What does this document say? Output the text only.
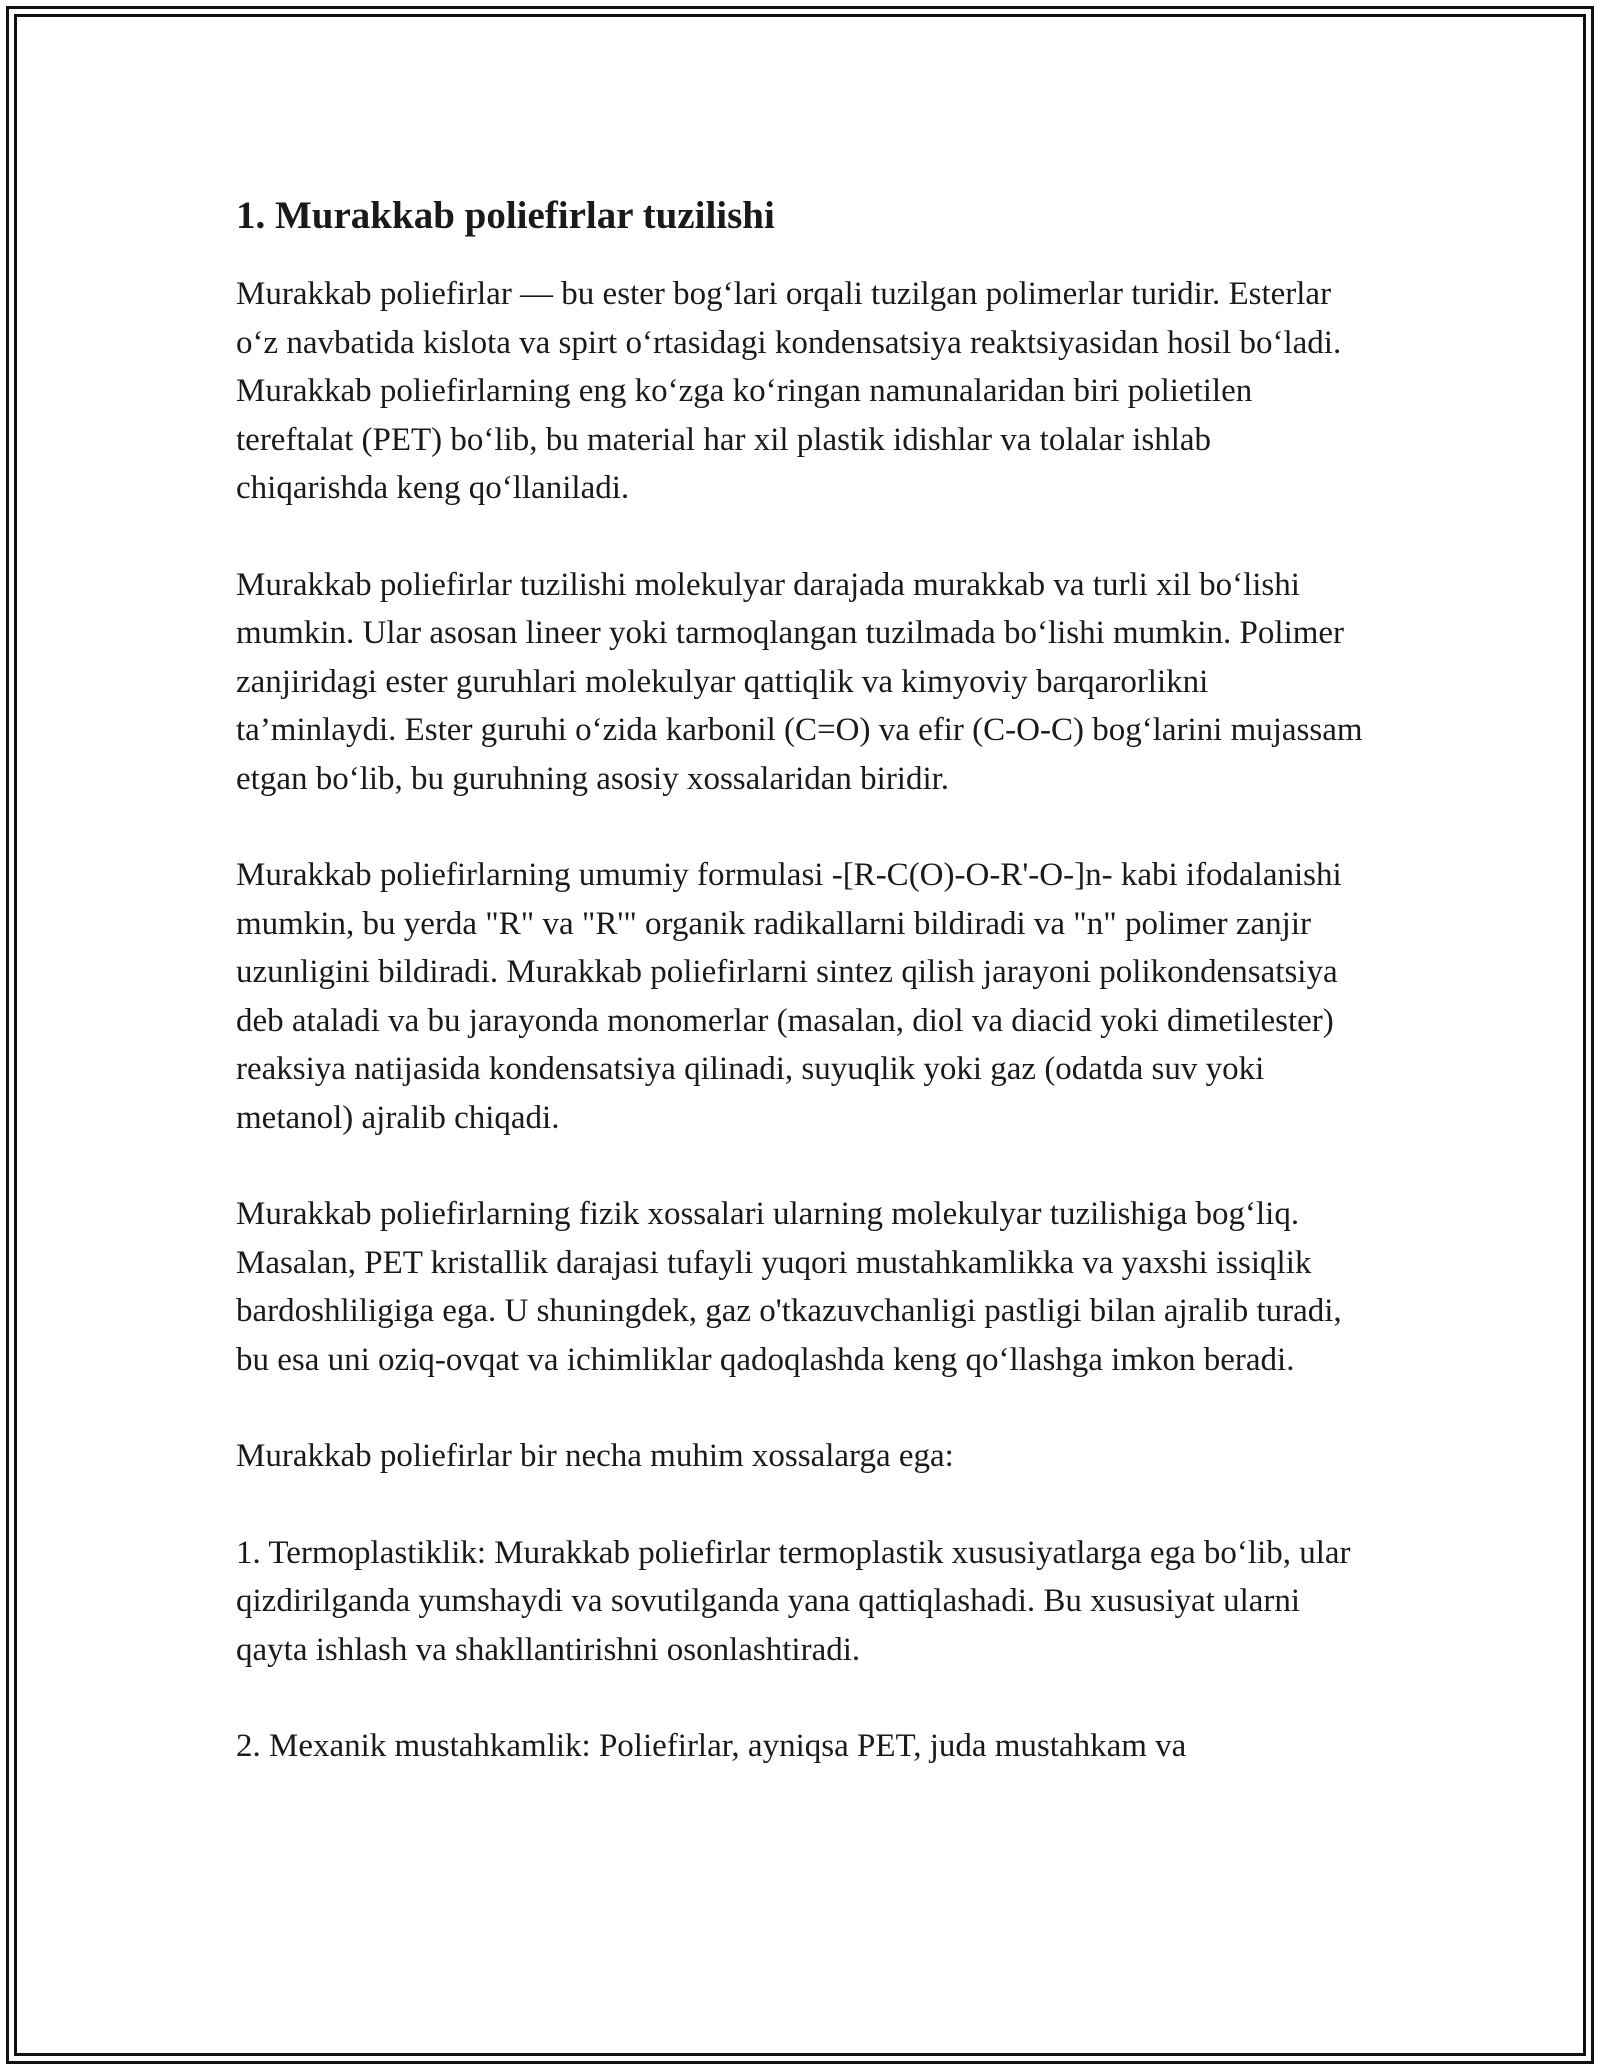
1. Murakkab poliefirlar tuzilishi

Murakkab poliefirlar — bu ester bog‘lari orqali tuzilgan polimerlar turidir. Esterlar o‘z navbatida kislota va spirt o‘rtasidagi kondensatsiya reaktsiyasidan hosil bo‘ladi. Murakkab poliefirlarning eng ko‘zga ko‘ringan namunalaridan biri polietilen tereftalat (PET) bo‘lib, bu material har xil plastik idishlar va tolalar ishlab chiqarishda keng qo‘llaniladi.

Murakkab poliefirlar tuzilishi molekulyar darajada murakkab va turli xil bo‘lishi mumkin. Ular asosan lineer yoki tarmoqlangan tuzilmada bo‘lishi mumkin. Polimer zanjiridagi ester guruhlari molekulyar qattiqlik va kimyoviy barqarorlikni ta’minlaydi. Ester guruhi o‘zida karbonil (C=O) va efir (C-O-C) bog‘larini mujassam etgan bo‘lib, bu guruhning asosiy xossalaridan biridir.

Murakkab poliefirlarning umumiy formulasi -[R-C(O)-O-R'-O-]n- kabi ifodalanishi mumkin, bu yerda "R" va "R'" organik radikallarni bildiradi va "n" polimer zanjir uzunligini bildiradi. Murakkab poliefirlarni sintez qilish jarayoni polikondensatsiya deb ataladi va bu jarayonda monomerlar (masalan, diol va diacid yoki dimetilester) reaksiya natijasida kondensatsiya qilinadi, suyuqlik yoki gaz (odatda suv yoki metanol) ajralib chiqadi.

Murakkab poliefirlarning fizik xossalari ularning molekulyar tuzilishiga bog‘liq. Masalan, PET kristallik darajasi tufayli yuqori mustahkamlikka va yaxshi issiqlik bardoshliligiga ega. U shuningdek, gaz o'tkazuvchanligi pastligi bilan ajralib turadi, bu esa uni oziq-ovqat va ichimliklar qadoqlashda keng qo‘llashga imkon beradi.

Murakkab poliefirlar bir necha muhim xossalarga ega:

1. Termoplastiklik: Murakkab poliefirlar termoplastik xususiyatlarga ega bo‘lib, ular qizdirilganda yumshaydi va sovutilganda yana qattiqlashadi. Bu xususiyat ularni qayta ishlash va shakllantirishni osonlashtiradi.

2. Mexanik mustahkamlik: Poliefirlar, ayniqsa PET, juda mustahkam va
